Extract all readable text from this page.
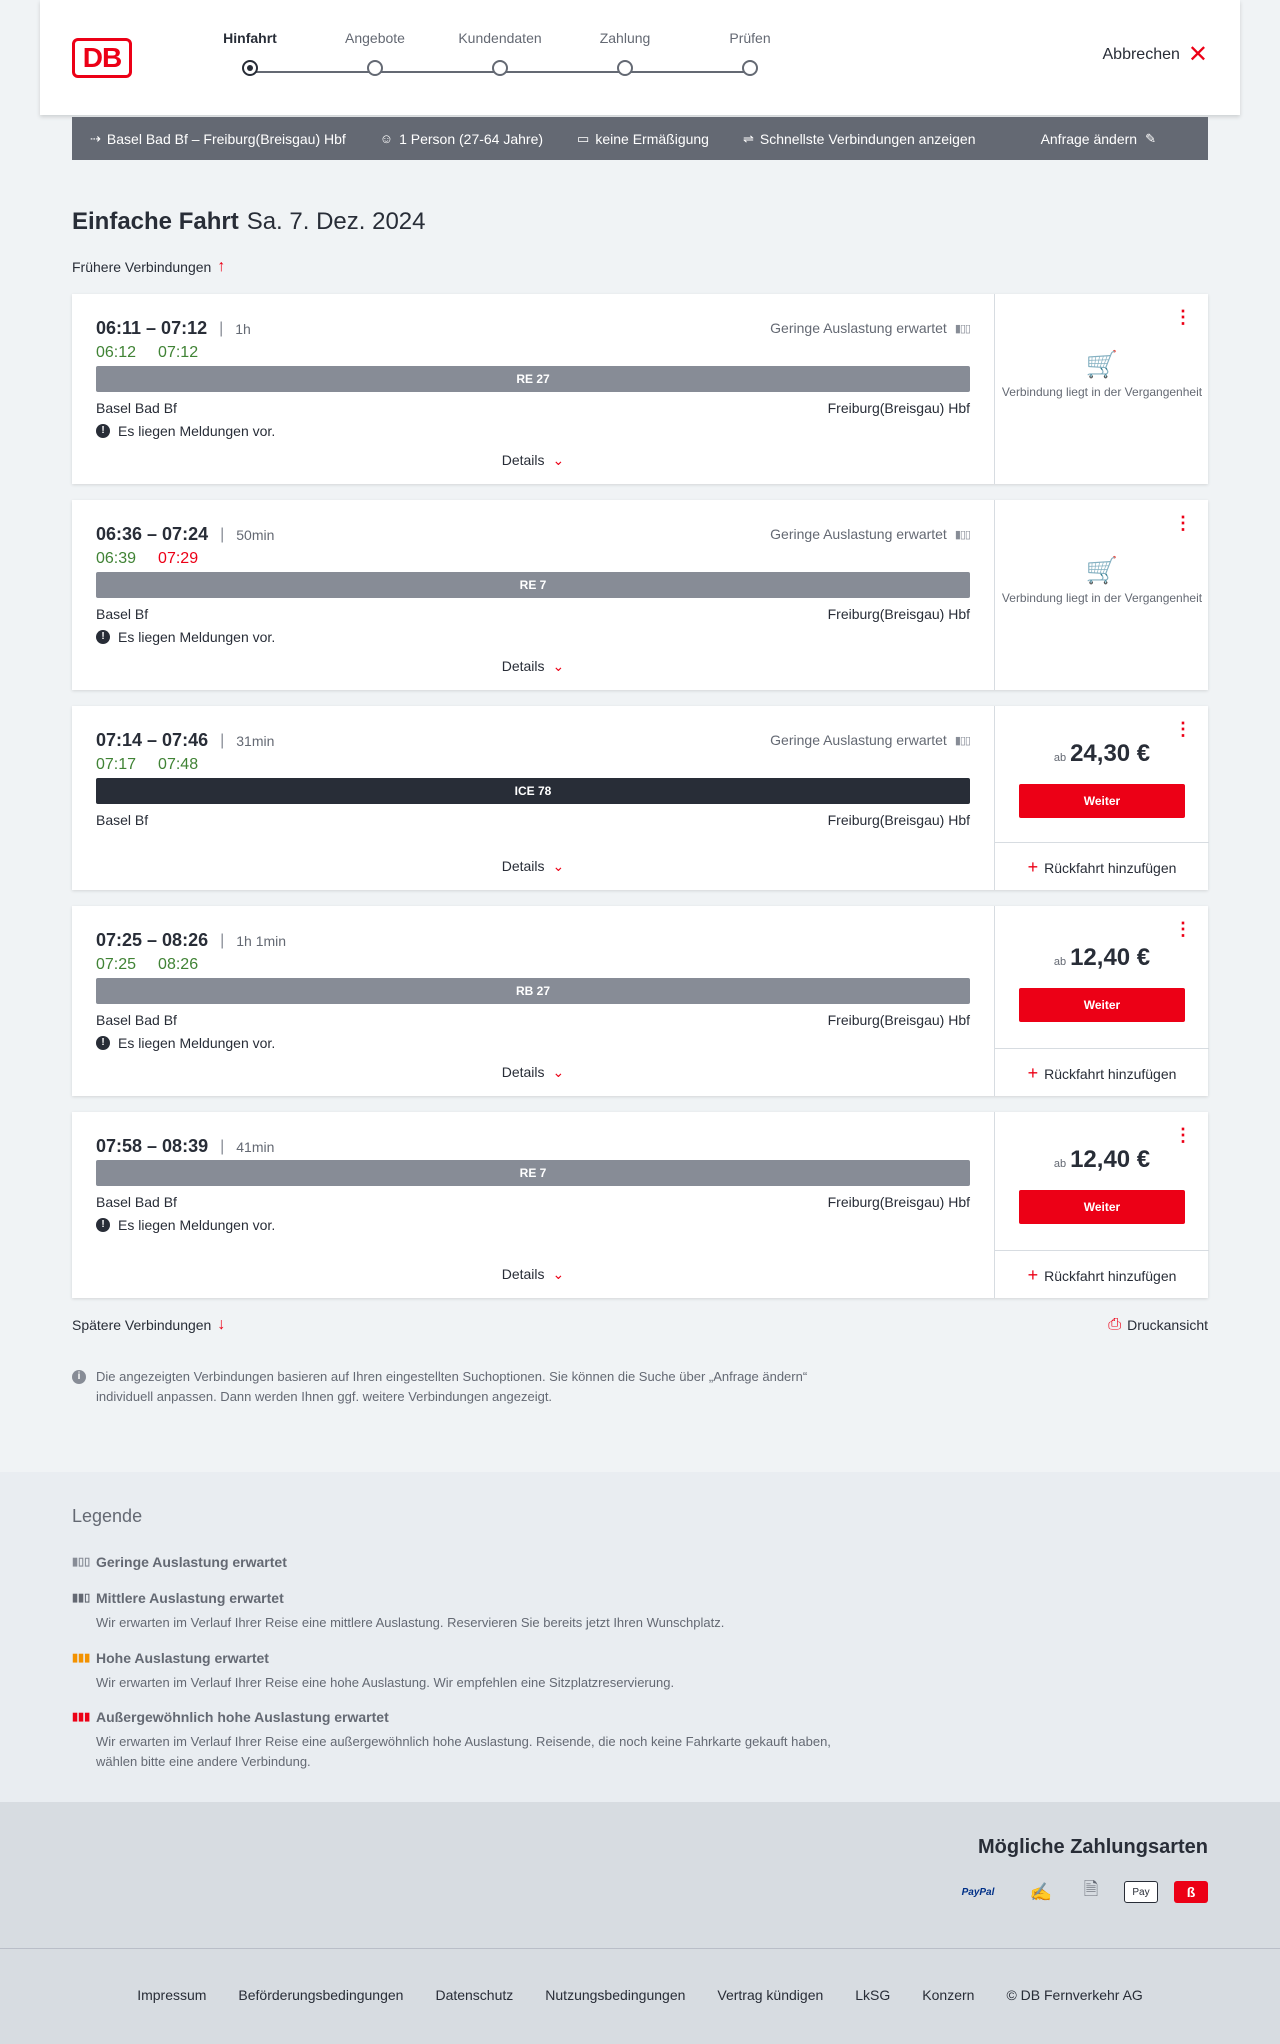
DB
Hinfahrt	Angebote	Kundendaten	Zahlung	Prüfen
Abbrechen ✕
⇢ Basel Bad Bf – Freiburg(Breisgau) Hbf	☺ 1 Person (27-64 Jahre)	▭ keine Ermäßigung	⇌ Schnellste Verbindungen anzeigen	Anfrage ändern ✎
Einfache Fahrt Sa. 7. Dez. 2024
Frühere Verbindungen ↑
06:11 – 07:12 | 1h
06:12 07:12
Geringe Auslastung erwartet ▮▯▯
RE 27
Basel Bad Bf	Freiburg(Breisgau) Hbf
! Es liegen Meldungen vor.
Details ⌄
⋮
🛒
Verbindung liegt in der Vergangenheit
06:36 – 07:24 | 50min
06:39 07:29
Geringe Auslastung erwartet ▮▯▯
RE 7
Basel Bf	Freiburg(Breisgau) Hbf
! Es liegen Meldungen vor.
Details ⌄
⋮
🛒
Verbindung liegt in der Vergangenheit
07:14 – 07:46 | 31min
07:17 07:48
Geringe Auslastung erwartet ▮▯▯
ICE 78
Basel Bf	Freiburg(Breisgau) Hbf
Details ⌄
⋮
ab 24,30 €
Weiter
+ Rückfahrt hinzufügen
07:25 – 08:26 | 1h 1min
07:25 08:26
RB 27
Basel Bad Bf	Freiburg(Breisgau) Hbf
! Es liegen Meldungen vor.
Details ⌄
⋮
ab 12,40 €
Weiter
+ Rückfahrt hinzufügen
07:58 – 08:39 | 41min
RE 7
Basel Bad Bf	Freiburg(Breisgau) Hbf
! Es liegen Meldungen vor.
Details ⌄
⋮
ab 12,40 €
Weiter
+ Rückfahrt hinzufügen
Spätere Verbindungen ↓	⎙ Druckansicht
i	Die angezeigten Verbindungen basieren auf Ihren eingestellten Suchoptionen. Sie können die Suche über „Anfrage ändern“ individuell anpassen. Dann werden Ihnen ggf. weitere Verbindungen angezeigt.
Legende
▮▯▯ Geringe Auslastung erwartet
▮▮▯ Mittlere Auslastung erwartet
Wir erwarten im Verlauf Ihrer Reise eine mittlere Auslastung. Reservieren Sie bereits jetzt Ihren Wunschplatz.
▮▮▮ Hohe Auslastung erwartet
Wir erwarten im Verlauf Ihrer Reise eine hohe Auslastung. Wir empfehlen eine Sitzplatzreservierung.
▮▮▮ Außergewöhnlich hohe Auslastung erwartet
Wir erwarten im Verlauf Ihrer Reise eine außergewöhnlich hohe Auslastung. Reisende, die noch keine Fahrkarte gekauft haben, wählen bitte eine andere Verbindung.
Mögliche Zahlungsarten
PayPal	✍	🗎	Pay	ß
Impressum Beförderungsbedingungen Datenschutz Nutzungsbedingungen Vertrag kündigen LkSG Konzern © DB Fernverkehr AG
